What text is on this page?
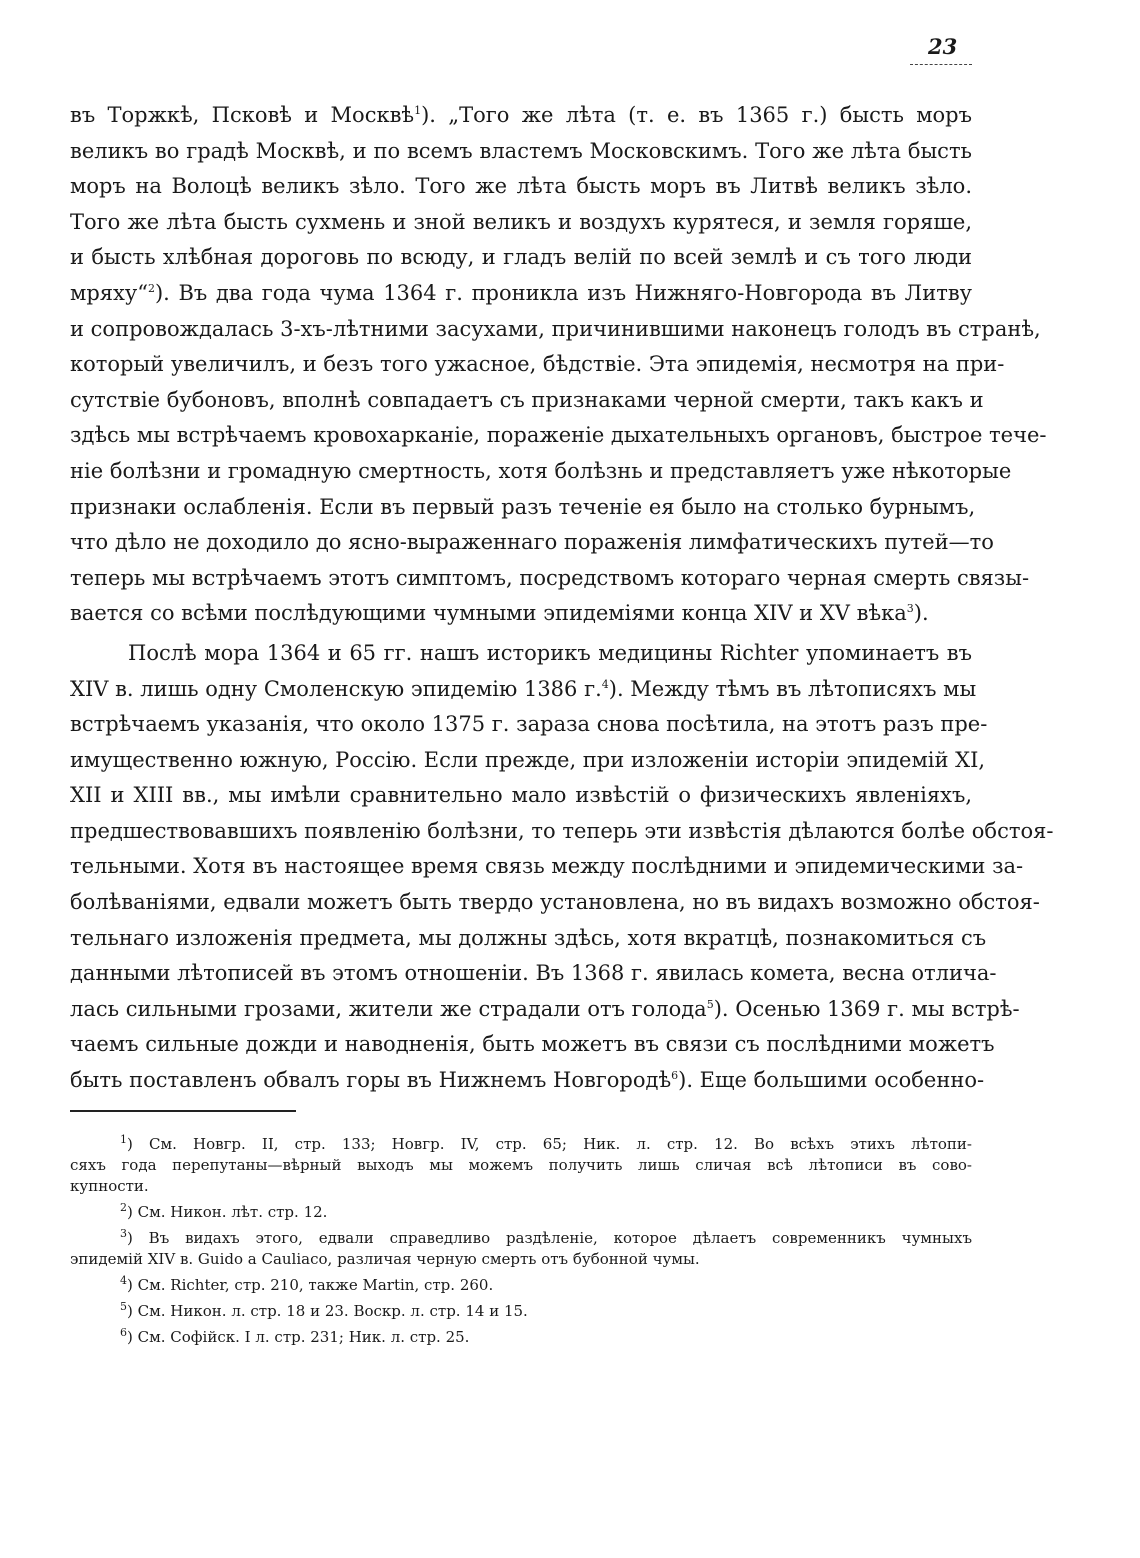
23
въ Торжкѣ, Псковѣ и Москвѣ$^1$). „Того же лѣта (т. е. въ 1365 г.) бысть моръ
великъ во градѣ Москвѣ, и по всемъ властемъ Московскимъ. Того же лѣта бысть
моръ на Волоцѣ великъ зѣло. Того же лѣта бысть моръ въ Литвѣ великъ зѣло.
Того же лѣта бысть сухмень и зной великъ и воздухъ курятеся, и земля горяше,
и бысть хлѣбная дороговь по всюду, и гладъ велій по всей землѣ и съ того люди
мряху“$^2$). Въ два года чума 1364 г. проникла изъ Нижняго-Новгорода въ Литву
и сопровождалась 3-хъ-лѣтними засухами, причинившими наконецъ голодъ въ странѣ,
который увеличилъ, и безъ того ужасное, бѣдствіе. Эта эпидемія, несмотря на при-
сутствіе бубоновъ, вполнѣ совпадаетъ съ признаками черной смерти, такъ какъ и
здѣсь мы встрѣчаемъ кровохарканіе, пораженіе дыхательныхъ органовъ, быстрое тече-
ніе болѣзни и громадную смертность, хотя болѣзнь и представляетъ уже нѣкоторые
признаки ослабленія. Если въ первый разъ теченіе ея было на столько бурнымъ,
что дѣло не доходило до ясно-выраженнаго пораженія лимфатическихъ путей—то
теперь мы встрѣчаемъ этотъ симптомъ, посредствомъ котораго черная смерть связы-
вается со всѣми послѣдующими чумными эпидеміями конца XIV и XV вѣка$^3$).
Послѣ мора 1364 и 65 гг. нашъ историкъ медицины Richter упоминаетъ въ
XIV в. лишь одну Смоленскую эпидемію 1386 г.$^4$). Между тѣмъ въ лѣтописяхъ мы
встрѣчаемъ указанія, что около 1375 г. зараза снова посѣтила, на этотъ разъ пре-
имущественно южную, Россію. Если прежде, при изложеніи исторіи эпидемій XI,
XII и XIII вв., мы имѣли сравнительно мало извѣстій о физическихъ явленіяхъ,
предшествовавшихъ появленію болѣзни, то теперь эти извѣстія дѣлаются болѣе обстоя-
тельными. Хотя въ настоящее время связь между послѣдними и эпидемическими за-
болѣваніями, едвали можетъ быть твердо установлена, но въ видахъ возможно обстоя-
тельнаго изложенія предмета, мы должны здѣсь, хотя вкратцѣ, познакомиться съ
данными лѣтописей въ этомъ отношеніи. Въ 1368 г. явилась комета, весна отлича-
лась сильными грозами, жители же страдали отъ голода$^5$). Осенью 1369 г. мы встрѣ-
чаемъ сильные дожди и наводненія, быть можетъ въ связи съ послѣдними можетъ
быть поставленъ обвалъ горы въ Нижнемъ Новгородѣ$^6$). Еще большими особенно-
$^1$) См. Новгр. II, стр. 133; Новгр. IV, стр. 65; Ник. л. стр. 12. Во всѣхъ этихъ лѣтопи-
сяхъ года перепутаны—вѣрный выходъ мы можемъ получить лишь сличая всѣ лѣтописи въ сово-
купности.
$^2$) См. Никон. лѣт. стр. 12.
$^3$) Въ видахъ этого, едвали справедливо раздѣленіе, которое дѣлаетъ современникъ чумныхъ
эпидемій XIV в. Guido a Cauliaco, различая черную смерть отъ бубонной чумы.
$^4$) См. Richter, стр. 210, также Martin, стр. 260.
$^5$) См. Никон. л. стр. 18 и 23. Воскр. л. стр. 14 и 15.
$^6$) См. Софійск. I л. стр. 231; Ник. л. стр. 25.
